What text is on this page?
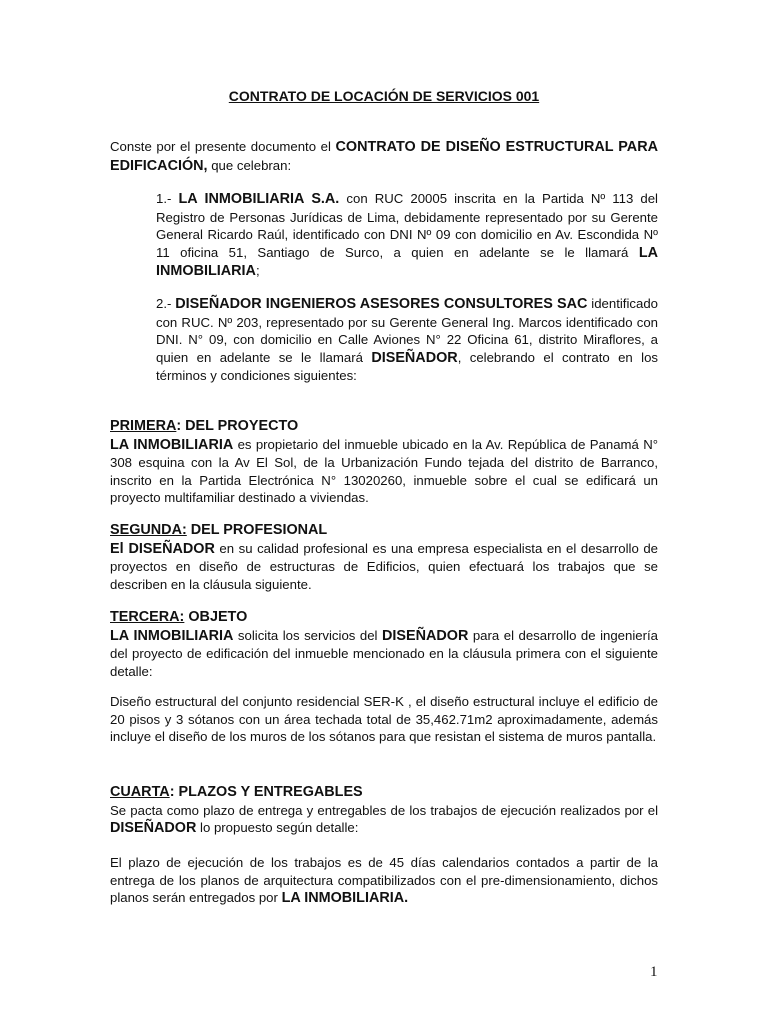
CONTRATO DE LOCACIÓN DE SERVICIOS 001
Conste por el presente documento el CONTRATO DE DISEÑO ESTRUCTURAL PARA EDIFICACIÓN, que celebran:
1.- LA INMOBILIARIA S.A. con RUC 20005 inscrita en la Partida Nº 113 del Registro de Personas Jurídicas de Lima, debidamente representado por su Gerente General Ricardo Raúl, identificado con DNI Nº 09 con domicilio en Av. Escondida Nº 11 oficina 51, Santiago de Surco, a quien en adelante se le llamará LA INMOBILIARIA;
2.- DISEÑADOR INGENIEROS ASESORES CONSULTORES SAC identificado con RUC. Nº 203, representado por su Gerente General Ing. Marcos identificado con DNI. N° 09, con domicilio en Calle Aviones N° 22 Oficina 61, distrito Miraflores, a quien en adelante se le llamará DISEÑADOR, celebrando el contrato en los términos y condiciones siguientes:
PRIMERA: DEL PROYECTO
LA INMOBILIARIA es propietario del inmueble ubicado en la Av. República de Panamá N° 308 esquina con la Av El Sol, de la Urbanización Fundo tejada del distrito de Barranco, inscrito en la Partida Electrónica N° 13020260, inmueble sobre el cual se edificará un proyecto multifamiliar destinado a viviendas.
SEGUNDA: DEL PROFESIONAL
El DISEÑADOR en su calidad profesional es una empresa especialista en el desarrollo de proyectos en diseño de estructuras de Edificios, quien efectuará los trabajos que se describen en la cláusula siguiente.
TERCERA: OBJETO
LA INMOBILIARIA solicita los servicios del DISEÑADOR para el desarrollo de ingeniería del proyecto de edificación del inmueble mencionado en la cláusula primera con el siguiente detalle:
Diseño estructural del conjunto residencial SER-K , el diseño estructural incluye el edificio de 20 pisos y 3 sótanos con un área techada total de 35,462.71m2 aproximadamente, además incluye el diseño de los muros de los sótanos para que resistan el sistema de muros pantalla.
CUARTA: PLAZOS Y ENTREGABLES
Se pacta como plazo de entrega y entregables de los trabajos de ejecución realizados por el DISEÑADOR lo propuesto según detalle:
El plazo de ejecución de los trabajos es de 45 días calendarios contados a partir de la entrega de los planos de arquitectura compatibilizados con el pre-dimensionamiento, dichos planos serán entregados por LA INMOBILIARIA.
1
